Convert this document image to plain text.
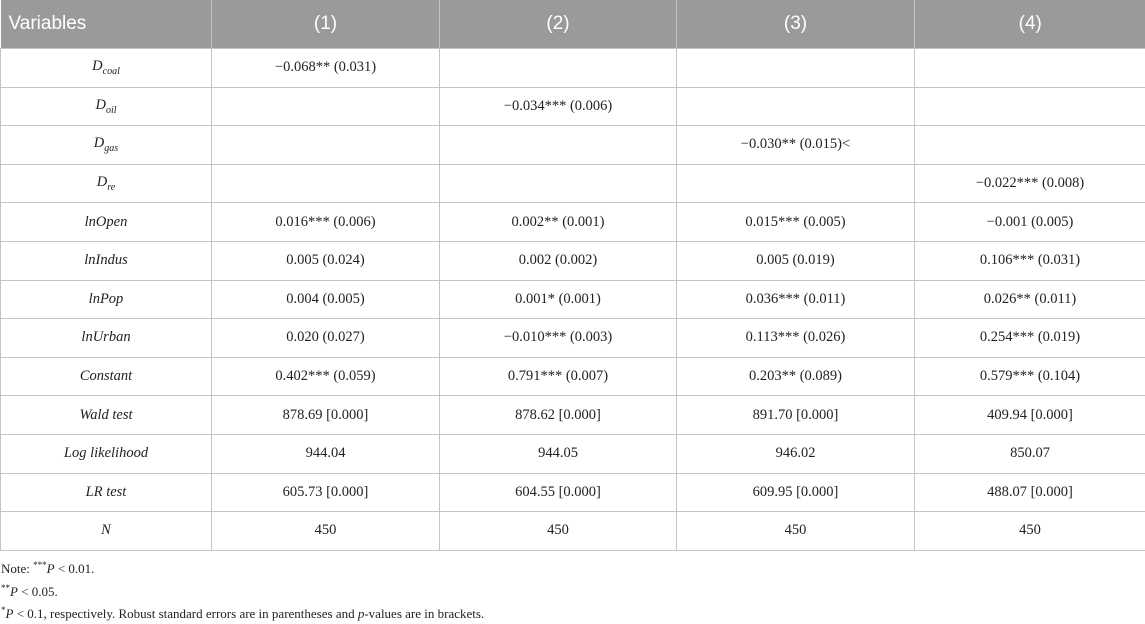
Variables	(1)	(2)	(3)	(4)
$D_{coal}$	−0.068** (0.031)			
$D_{oil}$		−0.034*** (0.006)		
$D_{gas}$			−0.030** (0.015)<	
$D_{re}$				−0.022*** (0.008)
lnOpen	0.016*** (0.006)	0.002** (0.001)	0.015*** (0.005)	−0.001 (0.005)
lnIndus	0.005 (0.024)	0.002 (0.002)	0.005 (0.019)	0.106*** (0.031)
lnPop	0.004 (0.005)	0.001* (0.001)	0.036*** (0.011)	0.026** (0.011)
lnUrban	0.020 (0.027)	−0.010*** (0.003)	0.113*** (0.026)	0.254*** (0.019)
Constant	0.402*** (0.059)	0.791*** (0.007)	0.203** (0.089)	0.579*** (0.104)
Wald test	878.69 [0.000]	878.62 [0.000]	891.70 [0.000]	409.94 [0.000]
Log likelihood	944.04	944.05	946.02	850.07
LR test	605.73 [0.000]	604.55 [0.000]	609.95 [0.000]	488.07 [0.000]
N	450	450	450	450
Note: ***P < 0.01.
**P < 0.05.
*P < 0.1, respectively. Robust standard errors are in parentheses and p-values are in brackets.
